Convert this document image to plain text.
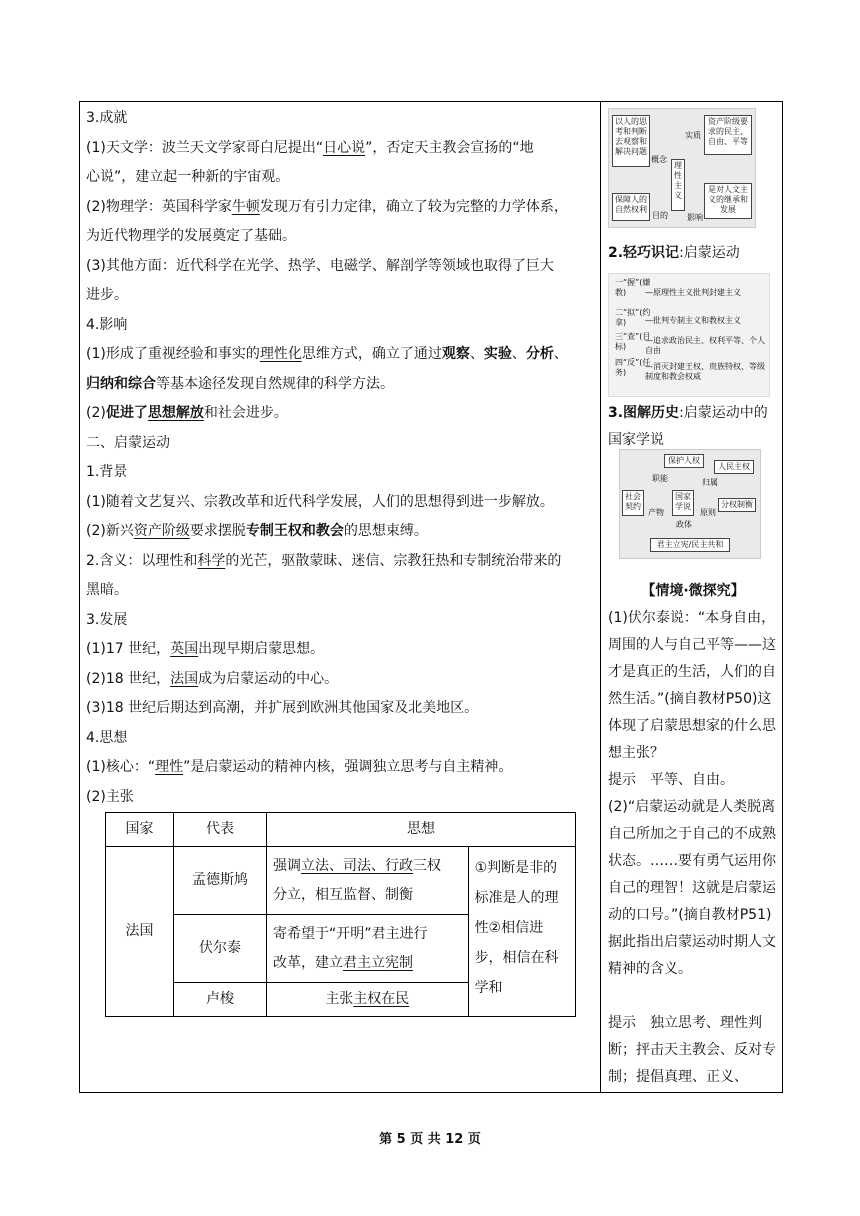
3.成就
(1)天文学：波兰天文学家哥白尼提出“日心说”，否定天主教会宣扬的“地
心说”，建立起一种新的宇宙观。
(2)物理学：英国科学家牛顿发现万有引力定律，确立了较为完整的力学体系，
为近代物理学的发展奠定了基础。
(3)其他方面：近代科学在光学、热学、电磁学、解剖学等领域也取得了巨大
进步。
4.影响
(1)形成了重视经验和事实的理性化思维方式，确立了通过观察、实验、分析、
归纳和综合等基本途径发现自然规律的科学方法。
(2)促进了思想解放和社会进步。
二、启蒙运动
1.背景
(1)随着文艺复兴、宗教改革和近代科学发展，人们的思想得到进一步解放。
(2)新兴资产阶级要求摆脱专制王权和教会的思想束缚。
2.含义：以理性和科学的光芒，驱散蒙昧、迷信、宗教狂热和专制统治带来的
黑暗。
3.发展
(1)17 世纪，英国出现早期启蒙思想。
(2)18 世纪，法国成为启蒙运动的中心。
(3)18 世纪后期达到高潮，并扩展到欧洲其他国家及北美地区。
4.思想
(1)核心：“理性”是启蒙运动的精神内核，强调独立思考与自主精神。
(2)主张
国家	代表	思想	
法国	孟德斯鸠	强调立法、司法、行政三权
分立，相互监督、制衡	①判断是非的标准是人的理性②相信进步，相信在科学和
	伏尔泰	寄希望于“开明”君主进行
改革，建立君主立宪制	
	卢梭	主张主权在民	
以人的思考和判断去观察和解决问题
概念
理性主义
实质
资产阶级要求的民主、自由、平等
保障人的自然权利
目的 影响
是对人文主义的继承和发展
2.轻巧识记:启蒙运动
一“握”(嫌教)	—原理性主义批判封建主义
二“拟”(约拿)	—批判专制主义和教权主义
三“查”(目标)
—追求政治民主、权利平等、个人自由
四“反”(任务)
—消灭封建王权、贵族特权、等级制度和教会权威
3.图解历史:启蒙运动中的国家学说
保护人权
人民主权
职能	归属
国家学说
社会契约
产物	原则
分权制衡
政体
君主立宪/民主共和
【情境·微探究】
(1)伏尔泰说：“本身自由，周围的人与自己平等——这才是真正的生活，人们的自然生活。”(摘自教材P50)这体现了启蒙思想家的什么思想主张？
提示　平等、自由。
(2)“启蒙运动就是人类脱离自己所加之于自己的不成熟状态。……要有勇气运用你自己的理智！这就是启蒙运动的口号。”(摘自教材P51)据此指出启蒙运动时期人文精神的含义。
提示　独立思考、理性判断；抨击天主教会、反对专制；提倡真理、正义、
第 5 页 共 12 页
